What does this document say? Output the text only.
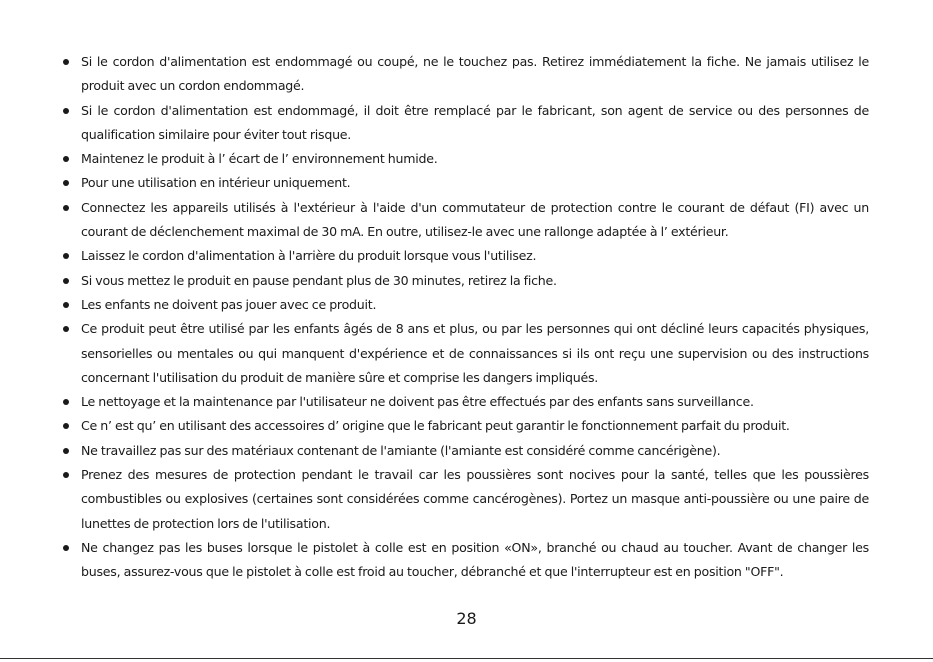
Si le cordon d'alimentation est endommagé ou coupé, ne le touchez pas. Retirez immédiatement la fiche. Ne jamais utilisez le produit avec un cordon endommagé.
Si le cordon d'alimentation est endommagé, il doit être remplacé par le fabricant, son agent de service ou des personnes de qualification similaire pour éviter tout risque.
Maintenez le produit à l’ écart de l’ environnement humide.
Pour une utilisation en intérieur uniquement.
Connectez les appareils utilisés à l'extérieur à l'aide d'un commutateur de protection contre le courant de défaut (FI) avec un courant de déclenchement maximal de 30 mA. En outre, utilisez-le avec une rallonge adaptée à l’ extérieur.
Laissez le cordon d'alimentation à l'arrière du produit lorsque vous l'utilisez.
Si vous mettez le produit en pause pendant plus de 30 minutes, retirez la fiche.
Les enfants ne doivent pas jouer avec ce produit.
Ce produit peut être utilisé par les enfants âgés de 8 ans et plus, ou par les personnes qui ont décliné leurs capacités physiques, sensorielles ou mentales ou qui manquent d'expérience et de connaissances si ils ont reçu une supervision ou des instructions concernant l'utilisation du produit de manière sûre et comprise les dangers impliqués.
Le nettoyage et la maintenance par l'utilisateur ne doivent pas être effectués par des enfants sans surveillance.
Ce n’ est qu’ en utilisant des accessoires d’ origine que le fabricant peut garantir le fonctionnement parfait du produit.
Ne travaillez pas sur des matériaux contenant de l'amiante (l'amiante est considéré comme cancérigène).
Prenez des mesures de protection pendant le travail car les poussières sont nocives pour la santé, telles que les poussières combustibles ou explosives (certaines sont considérées comme cancérogènes). Portez un masque anti-poussière ou une paire de lunettes de protection lors de l'utilisation.
Ne changez pas les buses lorsque le pistolet à colle est en position «ON», branché ou chaud au toucher. Avant de changer les buses, assurez-vous que le pistolet à colle est froid au toucher, débranché et que l'interrupteur est en position "OFF".
28
